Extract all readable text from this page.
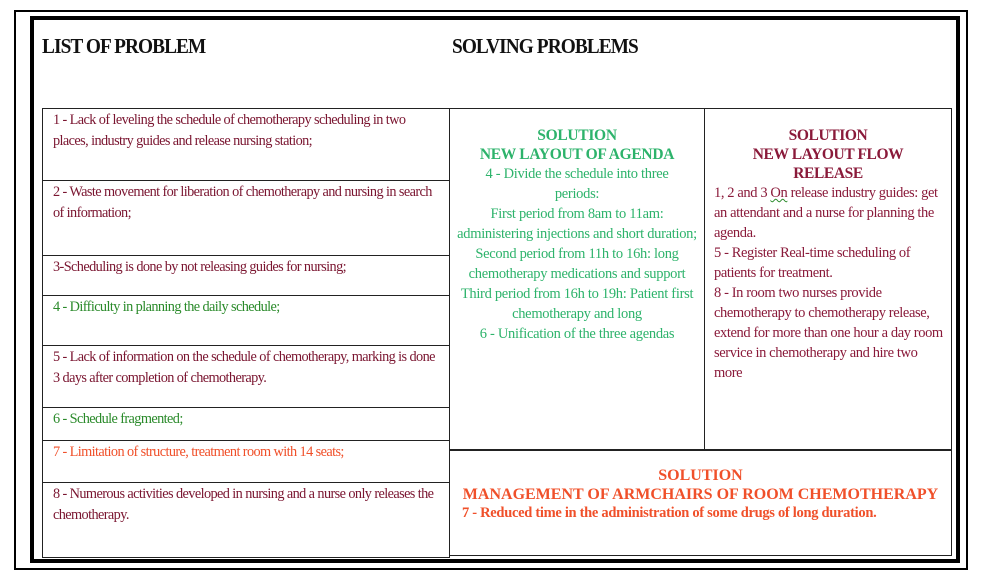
LIST OF PROBLEM	SOLVING PROBLEMS
1 - Lack of leveling the schedule of chemotherapy scheduling in two places, industry guides and release nursing station;
2 - Waste movement for liberation of chemotherapy and nursing in search of information;
3-Scheduling is done by not releasing guides for nursing;
4 - Difficulty in planning the daily schedule;
5 - Lack of information on the schedule of chemotherapy, marking is done 3 days after completion of chemotherapy.
6 - Schedule fragmented;
7 - Limitation of structure, treatment room with 14 seats;
8 - Numerous activities developed in nursing and a nurse only releases the chemotherapy.
SOLUTION
NEW LAYOUT OF AGENDA
4 - Divide the schedule into three periods:
First period from 8am to 11am: administering injections and short duration;
Second period from 11h to 16h: long chemotherapy medications and support
Third period from 16h to 19h: Patient first chemotherapy and long
6 - Unification of the three agendas
SOLUTION
NEW LAYOUT FLOW
RELEASE
1, 2 and 3 On release industry guides: get an attendant and a nurse for planning the agenda.
5 - Register Real-time scheduling of patients for treatment.
8 - In room two nurses provide chemotherapy to chemotherapy release, extend for more than one hour a day room service in chemotherapy and hire two more
SOLUTION
MANAGEMENT OF ARMCHAIRS OF ROOM CHEMOTHERAPY
7 - Reduced time in the administration of some drugs of long duration.
